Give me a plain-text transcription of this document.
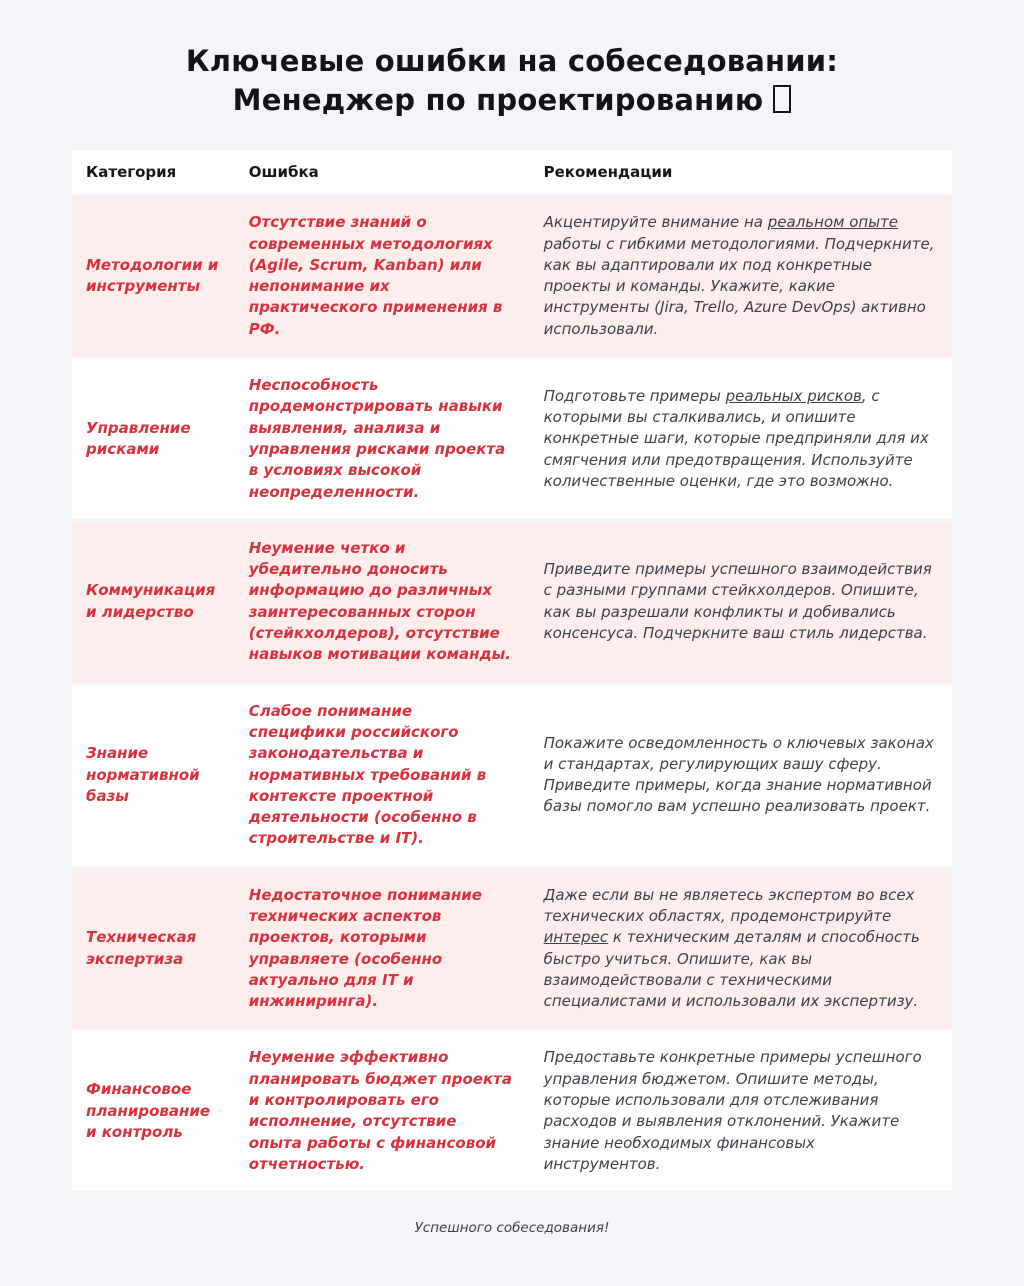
Ключевые ошибки на собеседовании:
Менеджер по проектированию
Категория	Ошибка	Рекомендации
Методологии и инструменты	Отсутствие знаний о современных методологиях (Agile, Scrum, Kanban) или непонимание их практического применения в РФ.	Акцентируйте внимание на реальном опыте работы с гибкими методологиями. Подчеркните, как вы адаптировали их под конкретные проекты и команды. Укажите, какие инструменты (Jira, Trello, Azure DevOps) активно использовали.
Управление рисками	Неспособность продемонстрировать навыки выявления, анализа и управления рисками проекта в условиях высокой неопределенности.	Подготовьте примеры реальных рисков, с которыми вы сталкивались, и опишите конкретные шаги, которые предприняли для их смягчения или предотвращения. Используйте количественные оценки, где это возможно.
Коммуникация и лидерство	Неумение четко и убедительно доносить информацию до различных заинтересованных сторон (стейкхолдеров), отсутствие навыков мотивации команды.	Приведите примеры успешного взаимодействия с разными группами стейкхолдеров. Опишите, как вы разрешали конфликты и добивались консенсуса. Подчеркните ваш стиль лидерства.
Знание нормативной базы	Слабое понимание специфики российского законодательства и нормативных требований в контексте проектной деятельности (особенно в строительстве и IT).	Покажите осведомленность о ключевых законах и стандартах, регулирующих вашу сферу. Приведите примеры, когда знание нормативной базы помогло вам успешно реализовать проект.
Техническая экспертиза	Недостаточное понимание технических аспектов проектов, которыми управляете (особенно актуально для IT и инжиниринга).	Даже если вы не являетесь экспертом во всех технических областях, продемонстрируйте интерес к техническим деталям и способность быстро учиться. Опишите, как вы взаимодействовали с техническими специалистами и использовали их экспертизу.
Финансовое планирование и контроль	Неумение эффективно планировать бюджет проекта и контролировать его исполнение, отсутствие опыта работы с финансовой отчетностью.	Предоставьте конкретные примеры успешного управления бюджетом. Опишите методы, которые использовали для отслеживания расходов и выявления отклонений. Укажите знание необходимых финансовых инструментов.
Успешного собеседования!
